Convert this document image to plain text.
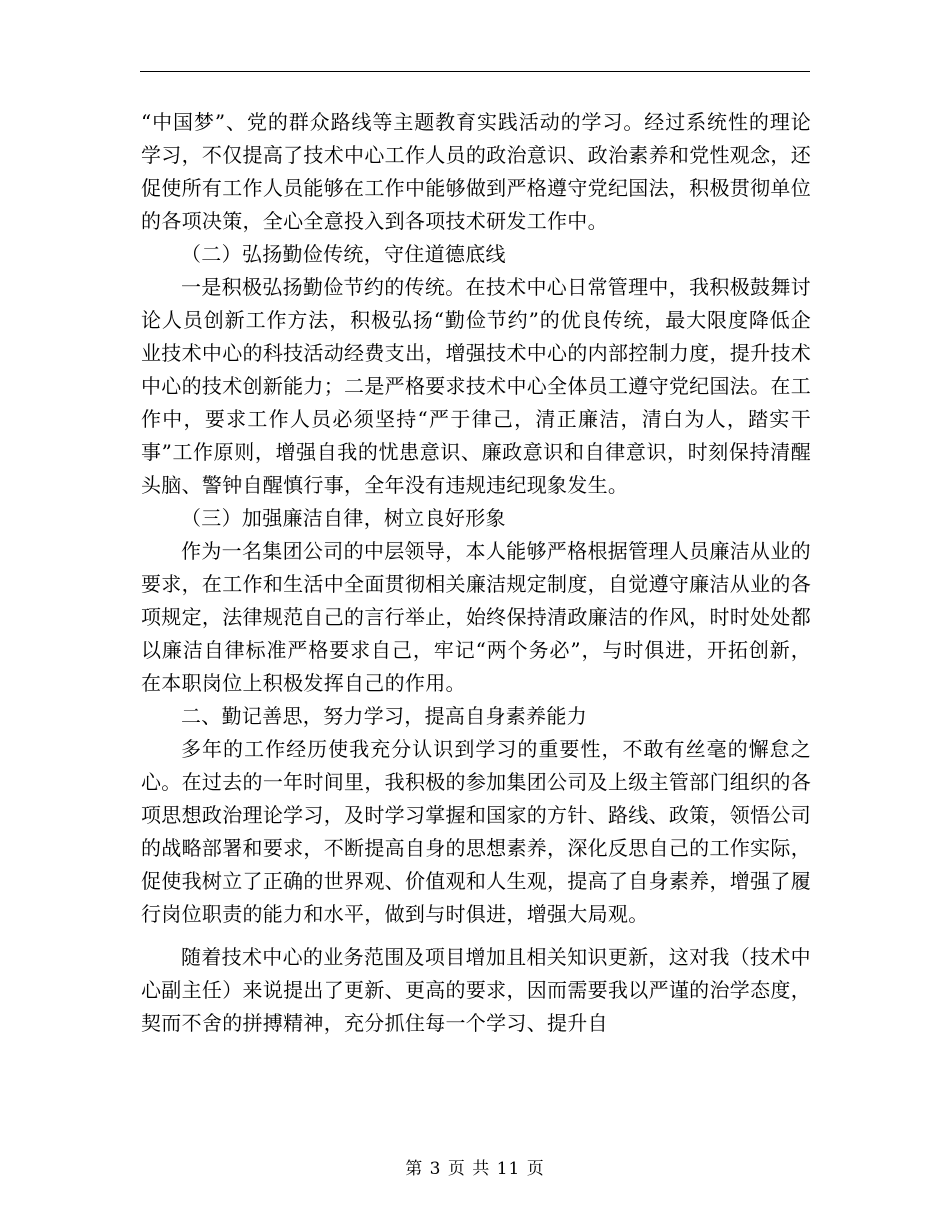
“中国梦”、党的群众路线等主题教育实践活动的学习。经过系统性的理论学习，不仅提高了技术中心工作人员的政治意识、政治素养和党性观念，还促使所有工作人员能够在工作中能够做到严格遵守党纪国法，积极贯彻单位的各项决策，全心全意投入到各项技术研发工作中。

（二）弘扬勤俭传统，守住道德底线

一是积极弘扬勤俭节约的传统。在技术中心日常管理中，我积极鼓舞讨论人员创新工作方法，积极弘扬“勤俭节约”的优良传统，最大限度降低企业技术中心的科技活动经费支出，增强技术中心的内部控制力度，提升技术中心的技术创新能力；二是严格要求技术中心全体员工遵守党纪国法。在工作中，要求工作人员必须坚持“严于律己，清正廉洁，清白为人，踏实干事”工作原则，增强自我的忧患意识、廉政意识和自律意识，时刻保持清醒头脑、警钟自醒慎行事，全年没有违规违纪现象发生。

（三）加强廉洁自律，树立良好形象

作为一名集团公司的中层领导，本人能够严格根据管理人员廉洁从业的要求，在工作和生活中全面贯彻相关廉洁规定制度，自觉遵守廉洁从业的各项规定，法律规范自己的言行举止，始终保持清政廉洁的作风，时时处处都以廉洁自律标准严格要求自己，牢记“两个务必”，与时俱进，开拓创新，在本职岗位上积极发挥自己的作用。

二、勤记善思，努力学习，提高自身素养能力

多年的工作经历使我充分认识到学习的重要性，不敢有丝毫的懈怠之心。在过去的一年时间里，我积极的参加集团公司及上级主管部门组织的各项思想政治理论学习，及时学习掌握和国家的方针、路线、政策，领悟公司的战略部署和要求，不断提高自身的思想素养，深化反思自己的工作实际，促使我树立了正确的世界观、价值观和人生观，提高了自身素养，增强了履行岗位职责的能力和水平，做到与时俱进，增强大局观。

随着技术中心的业务范围及项目增加且相关知识更新，这对我（技术中心副主任）来说提出了更新、更高的要求，因而需要我以严谨的治学态度，契而不舍的拼搏精神，充分抓住每一个学习、提升自

第 3 页 共 11 页
